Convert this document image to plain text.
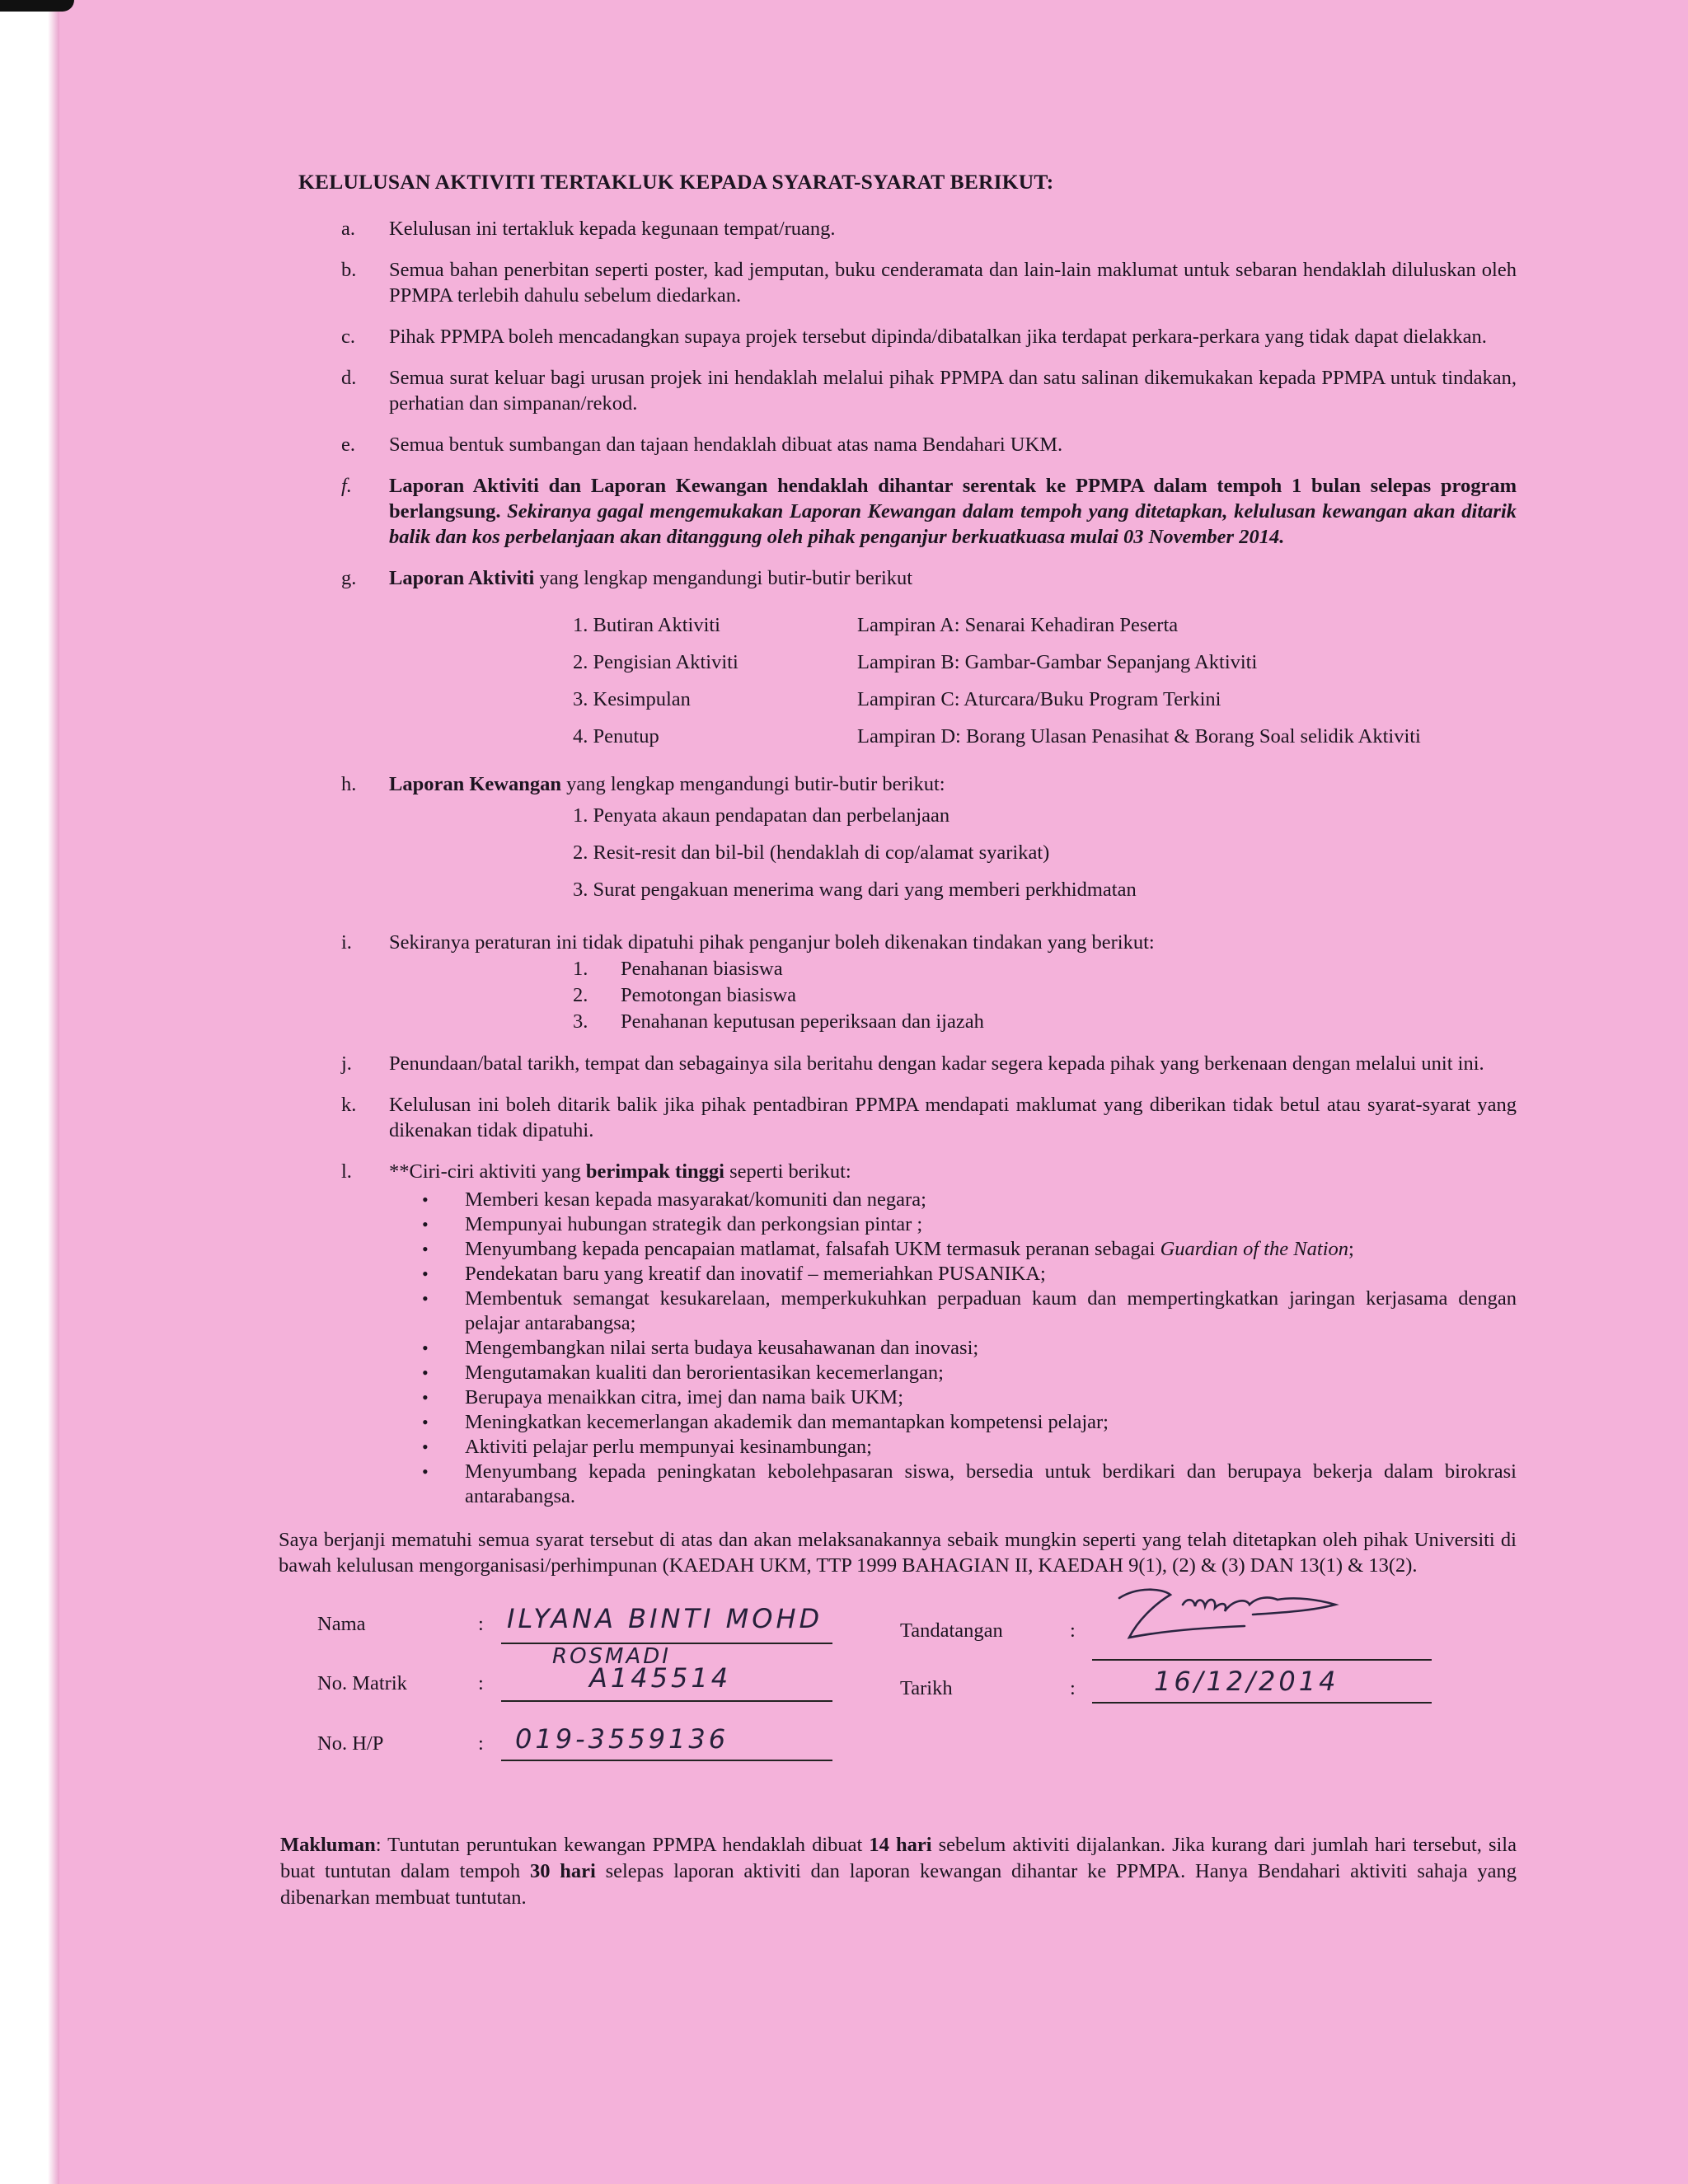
KELULUSAN AKTIVITI TERTAKLUK KEPADA SYARAT-SYARAT BERIKUT:
a. Kelulusan ini tertakluk kepada kegunaan tempat/ruang.
b. Semua bahan penerbitan seperti poster, kad jemputan, buku cenderamata dan lain-lain maklumat untuk sebaran hendaklah diluluskan oleh PPMPA terlebih dahulu sebelum diedarkan.
c. Pihak PPMPA boleh mencadangkan supaya projek tersebut dipinda/dibatalkan jika terdapat perkara-perkara yang tidak dapat dielakkan.
d. Semua surat keluar bagi urusan projek ini hendaklah melalui pihak PPMPA dan satu salinan dikemukakan kepada PPMPA untuk tindakan, perhatian dan simpanan/rekod.
e. Semua bentuk sumbangan dan tajaan hendaklah dibuat atas nama Bendahari UKM.
f. Laporan Aktiviti dan Laporan Kewangan hendaklah dihantar serentak ke PPMPA dalam tempoh 1 bulan selepas program berlangsung. Sekiranya gagal mengemukakan Laporan Kewangan dalam tempoh yang ditetapkan, kelulusan kewangan akan ditarik balik dan kos perbelanjaan akan ditanggung oleh pihak penganjur berkuatkuasa mulai 03 November 2014.
g. Laporan Aktiviti yang lengkap mengandungi butir-butir berikut
1. Butiran Aktiviti	Lampiran A: Senarai Kehadiran Peserta
2. Pengisian Aktiviti	Lampiran B: Gambar-Gambar Sepanjang Aktiviti
3. Kesimpulan	Lampiran C: Aturcara/Buku Program Terkini
4. Penutup	Lampiran D: Borang Ulasan Penasihat & Borang Soal selidik Aktiviti
h. Laporan Kewangan yang lengkap mengandungi butir-butir berikut:
1. Penyata akaun pendapatan dan perbelanjaan
2. Resit-resit dan bil-bil (hendaklah di cop/alamat syarikat)
3. Surat pengakuan menerima wang dari yang memberi perkhidmatan
i. Sekiranya peraturan ini tidak dipatuhi pihak penganjur boleh dikenakan tindakan yang berikut:
1.	Penahanan biasiswa
2.	Pemotongan biasiswa
3.	Penahanan keputusan peperiksaan dan ijazah
j. Penundaan/batal tarikh, tempat dan sebagainya sila beritahu dengan kadar segera kepada pihak yang berkenaan dengan melalui unit ini.
k. Kelulusan ini boleh ditarik balik jika pihak pentadbiran PPMPA mendapati maklumat yang diberikan tidak betul atau syarat-syarat yang dikenakan tidak dipatuhi.
l. **Ciri-ciri aktiviti yang berimpak tinggi seperti berikut:
• Memberi kesan kepada masyarakat/komuniti dan negara;
• Mempunyai hubungan strategik dan perkongsian pintar ;
• Menyumbang kepada pencapaian matlamat, falsafah UKM termasuk peranan sebagai Guardian of the Nation;
• Pendekatan baru yang kreatif dan inovatif – memeriahkan PUSANIKA;
• Membentuk semangat kesukarelaan, memperkukuhkan perpaduan kaum dan mempertingkatkan jaringan kerjasama dengan pelajar antarabangsa;
• Mengembangkan nilai serta budaya keusahawanan dan inovasi;
• Mengutamakan kualiti dan berorientasikan kecemerlangan;
• Berupaya menaikkan citra, imej dan nama baik UKM;
• Meningkatkan kecemerlangan akademik dan memantapkan kompetensi pelajar;
• Aktiviti pelajar perlu mempunyai kesinambungan;
• Menyumbang kepada peningkatan kebolehpasaran siswa, bersedia untuk berdikari dan berupaya bekerja dalam birokrasi antarabangsa.
Saya berjanji mematuhi semua syarat tersebut di atas dan akan melaksanakannya sebaik mungkin seperti yang telah ditetapkan oleh pihak Universiti di bawah kelulusan mengorganisasi/perhimpunan (KAEDAH UKM, TTP 1999 BAHAGIAN II, KAEDAH 9(1), (2) & (3) DAN 13(1) & 13(2).
Nama	: ILYANA BINTI MOHD
ROSMADI
No. Matrik	:	A145514
No. H/P	: 019-3559136
Tandatangan	:
Tarikh	:	16/12/2014
Makluman: Tuntutan peruntukan kewangan PPMPA hendaklah dibuat 14 hari sebelum aktiviti dijalankan. Jika kurang dari jumlah hari tersebut, sila buat tuntutan dalam tempoh 30 hari selepas laporan aktiviti dan laporan kewangan dihantar ke PPMPA. Hanya Bendahari aktiviti sahaja yang dibenarkan membuat tuntutan.
